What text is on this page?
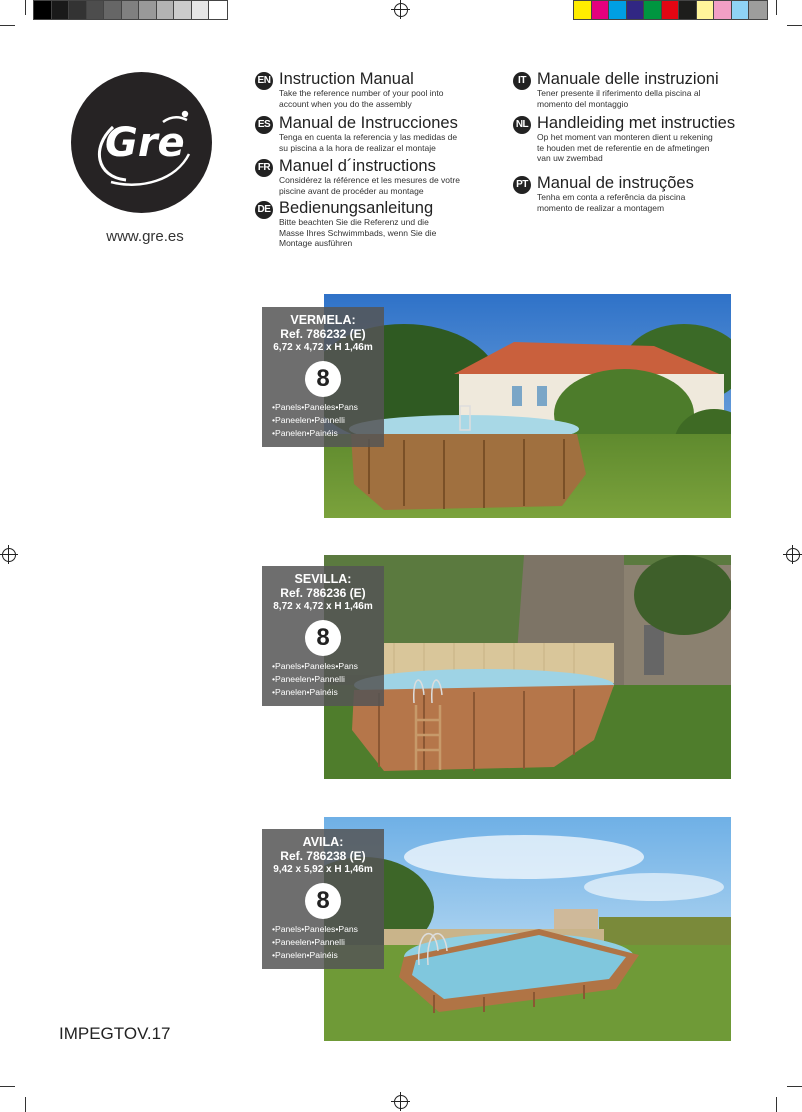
Gre
www.gre.es
EN Instruction Manual
Take the reference number of your pool into account when you do the assembly
ES Manual de Instrucciones
Tenga en cuenta la referencia y las medidas de su piscina a la hora de realizar el montaje
FR Manuel d´instructions
Considérez la référence et les mesures de votre piscine avant de procéder au montage
DE Bedienungsanleitung
Bitte beachten Sie die Referenz und die Masse Ihres Schwimmbads, wenn Sie die Montage ausführen
IT Manuale delle instruzioni
Tener presente il riferimento della piscina al momento del montaggio
NL Handleiding met instructies
Op het moment van monteren dient u rekening te houden met de referentie en de afmetingen van uw zwembad
PT Manual de instruções
Tenha em conta a referência da piscina momento de realizar a montagem
VERMELA:
Ref. 786232 (E)
6,72 x 4,72 x H 1,46m
8
•Panels•Paneles•Pans
•Paneelen•Pannelli
•Panelen•Painéis
SEVILLA:
Ref. 786236 (E)
8,72 x 4,72 x H 1,46m
8
•Panels•Paneles•Pans
•Paneelen•Pannelli
•Panelen•Painéis
AVILA:
Ref. 786238 (E)
9,42 x 5,92 x H 1,46m
8
•Panels•Paneles•Pans
•Paneelen•Pannelli
•Panelen•Painéis
IMPEGTOV.17
